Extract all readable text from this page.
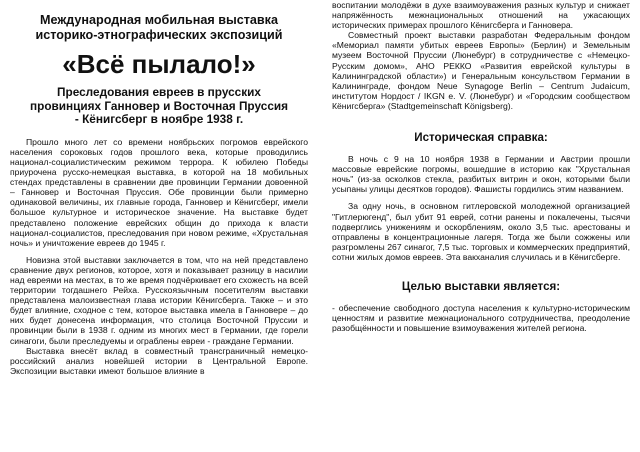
Международная мобильная выставка
историко-этнографических экспозиций
«Всё пылало!»
Преследования евреев в прусских
провинциях Ганновер и Восточная Пруссия
- Кёнигсберг в ноябре 1938 г.

Прошло много лет со времени ноябрьских погромов еврейского населения сороковых годов прошлого века, которые проводились национал-социалистическим режимом террора. К юбилею Победы приурочена русско-немецкая выставка, в которой на 18 мобильных стендах представлены в сравнении две провинции Германии довоенной – Ганновер и Восточная Пруссия. Обе провинции были примерно одинаковой величины, их главные города, Ганновер и Кёнигсберг, имели большое культурное и историческое значение. На выставке будет представлено положение еврейских общин до прихода к власти национал-социалистов, преследования при новом режиме, «Хрустальная ночь» и уничтожение евреев до 1945 г.

Новизна этой выставки заключается в том, что на ней представлено сравнение двух регионов, которое, хотя и показывает разницу в насилии над евреями на местах, в то же время подчёркивает его схожесть на всей территории тогдашнего Рейха. Русскоязычным посетителям выставки представлена малоизвестная глава истории Кёнигсберга. Также – и это будет влияние, сходное с тем, которое выставка имела в Ганновере – до них будет донесена информация, что столица Восточной Пруссии и провинции были в 1938 г. одним из многих мест в Германии, где горели синагоги, были преследуемы и ограблены евреи - граждане Германии.

Выставка внесёт вклад в совместный трансграничный немецко-российский анализ новейшей истории в Центральной Европе. Экспозиции выставки имеют большое влияние в

воспитании молодёжи в духе взаимоуважения разных культур и снижает напряжённость межнациональных отношений на ужасающих исторических примерах прошлого Кёнигсберга и Ганновера.

Совместный проект выставки разработан Федеральным фондом «Мемориал памяти убитых евреев Европы» (Берлин) и Земельным музеем Восточной Пруссии (Люнебург) в сотрудничестве с «Немецко-Русским домом», АНО РЕККО «Развития еврейской культуры в Калининградской области») и Генеральным консульством Германии в Калининграде, фондом Neue Synagoge Berlin – Centrum Judaicum, институтом Нордост / IKGN e. V. (Люнебург) и «Городским сообществом Кёнигсберга» (Stadtgemeinschaft Königsberg).

Историческая справка:

В ночь с 9 на 10 ноября 1938 в Германии и Австрии прошли массовые еврейские погромы, вошедшие в историю как "Хрустальная ночь" (из-за осколков стекла, разбитых витрин и окон, которыми были усыпаны улицы десятков городов). Фашисты гордились этим названием.

За одну ночь, в основном гитлеровской молодежной организацией "Гитлерюгенд", был убит 91 еврей, сотни ранены и покалечены, тысячи подверглись унижениям и оскорблениям, около 3,5 тыс. арестованы и отправлены в концентрационные лагеря. Тогда же были сожжены или разгромлены 267 синагог, 7,5 тыс. торговых и коммерческих предприятий, сотни жилых домов евреев. Эта вакханалия случилась и в Кёнигсберге.

Целью выставки является:

- обеспечение свободного доступа населения к культурно-историческим ценностям и развитие межнационального сотрудничества, преодоление разобщённости и повышение взимоуважения жителей региона.
